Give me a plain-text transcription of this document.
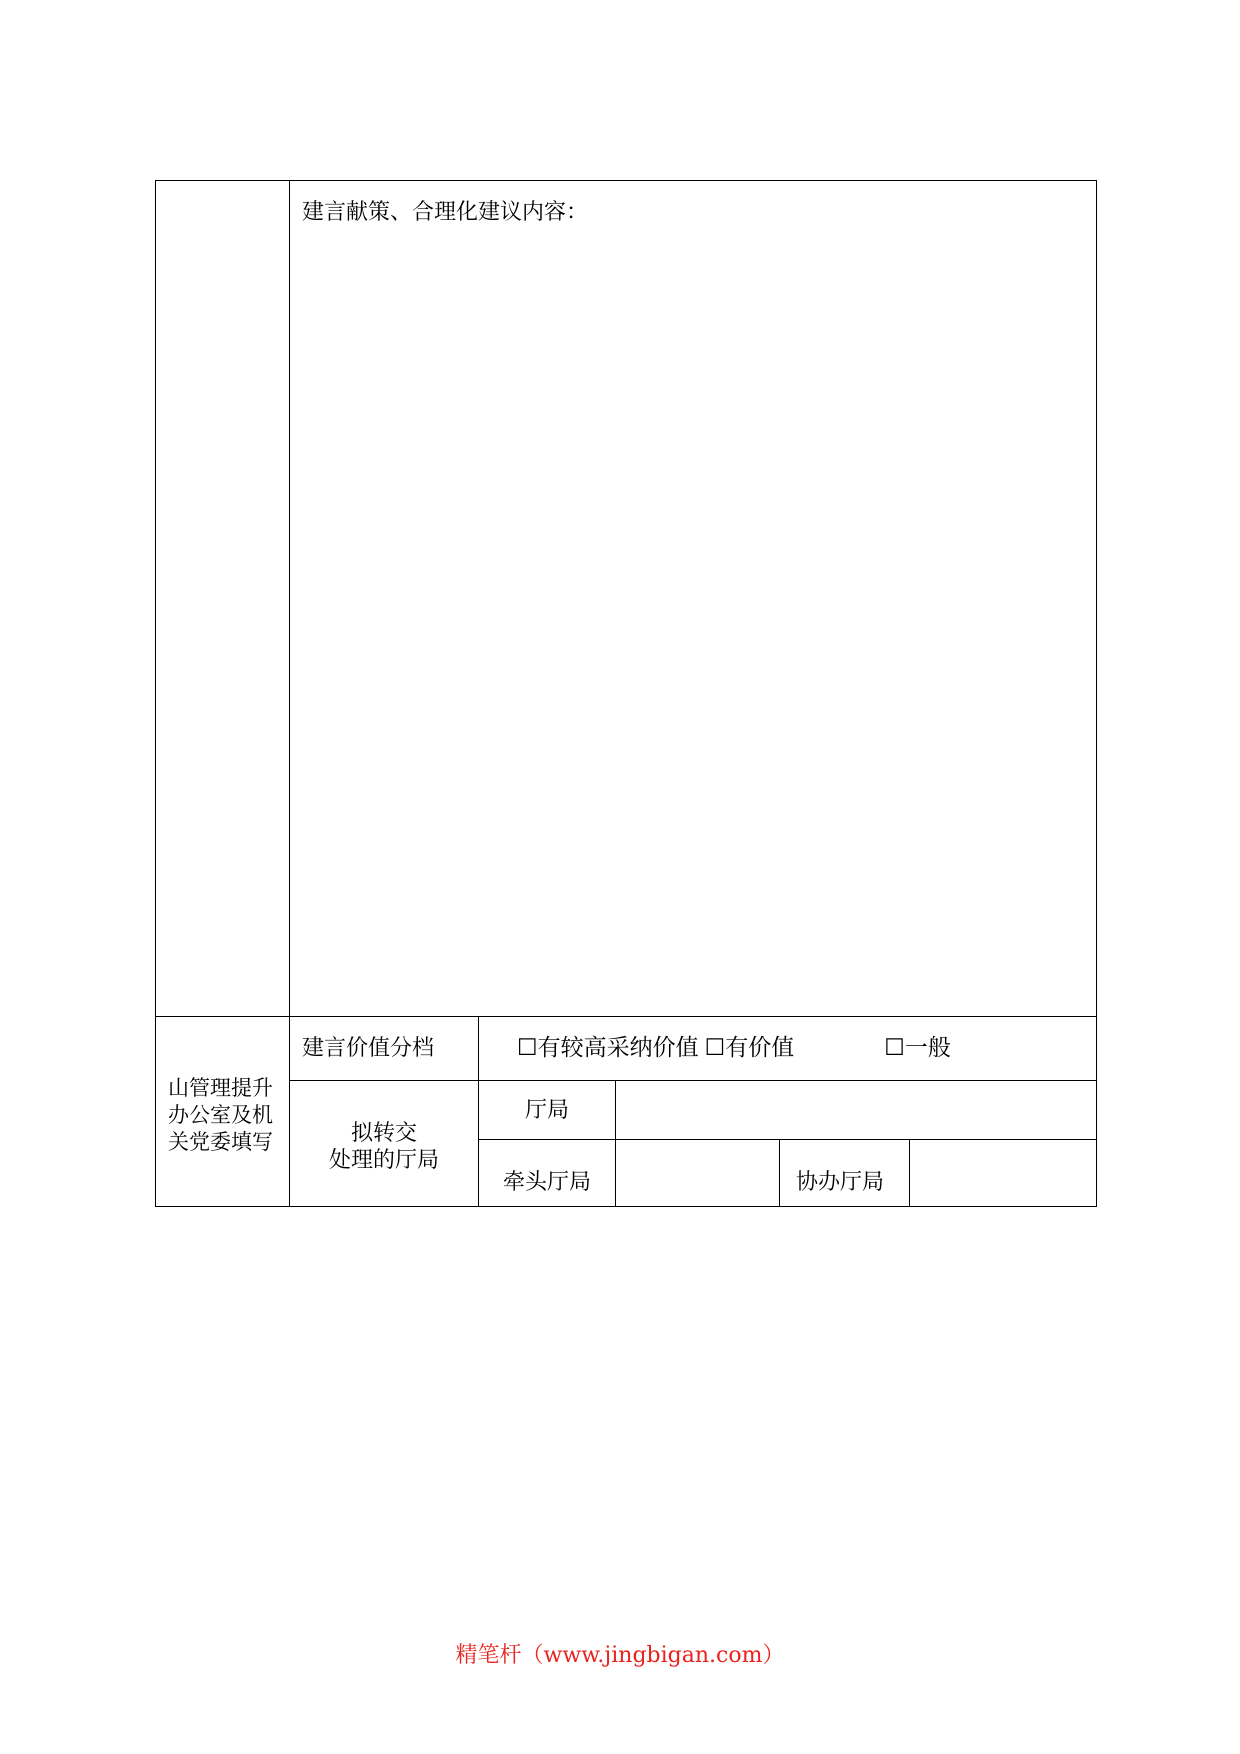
	建言献策、合理化建议内容：				

山管理提升办公室及机关党委填写	建言价值分档	☐有较高采纳价值 ☐有价值 ☐一般			

	拟转交
处理的厅局	厅局			
		牵头厅局		协办厅局	
精笔杆（www.jingbigan.com）
